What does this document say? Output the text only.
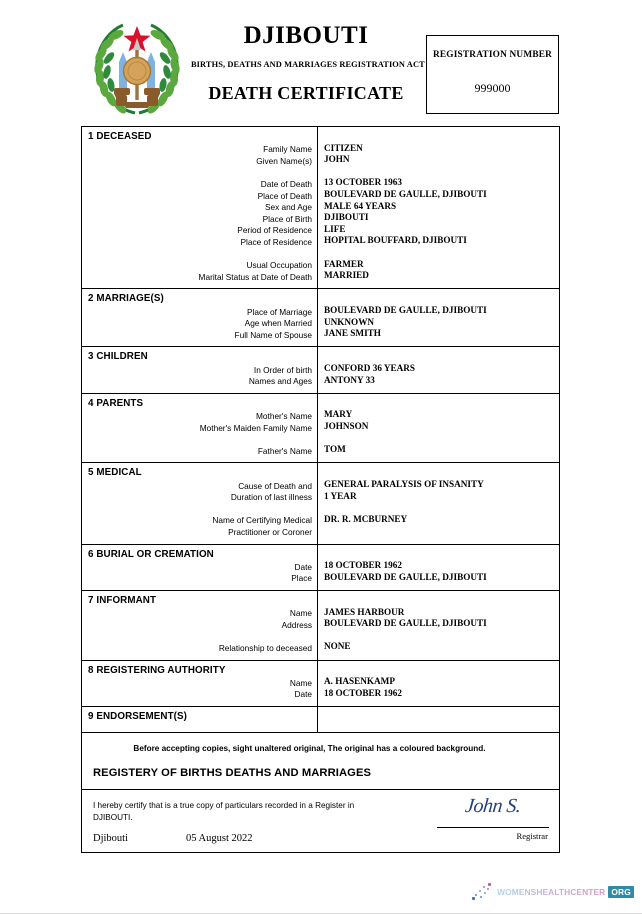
DJIBOUTI
BIRTHS, DEATHS AND MARRIAGES REGISTRATION ACT
DEATH CERTIFICATE
REGISTRATION NUMBER
999000
1 DECEASED
Family Name
Given Name(s)
Date of Death
Place of Death
Sex and Age
Place of Birth
Period of Residence
Place of Residence
Usual Occupation
Marital Status at Date of Death
CITIZEN
JOHN
13 OCTOBER 1963
BOULEVARD DE GAULLE, DJIBOUTI
MALE 64 YEARS
DJIBOUTI
LIFE
HOPITAL BOUFFARD, DJIBOUTI
FARMER
MARRIED
2 MARRIAGE(S)
Place of Marriage
Age when Married
Full Name of Spouse
BOULEVARD DE GAULLE, DJIBOUTI
UNKNOWN
JANE SMITH
3 CHILDREN
In Order of birth
Names and Ages
CONFORD 36 YEARS
ANTONY 33
4 PARENTS
Mother's Name
Mother's Maiden Family Name
Father's Name
MARY
JOHNSON
TOM
5 MEDICAL
Cause of Death and
Duration of last illness
Name of Certifying Medical
Practitioner or Coroner
GENERAL PARALYSIS OF INSANITY
1 YEAR
DR. R. MCBURNEY
6 BURIAL OR CREMATION
Date
Place
18 OCTOBER 1962
BOULEVARD DE GAULLE, DJIBOUTI
7 INFORMANT
Name
Address
Relationship to deceased
JAMES HARBOUR
BOULEVARD DE GAULLE, DJIBOUTI
NONE
8 REGISTERING AUTHORITY
Name
Date
A. HASENKAMP
18 OCTOBER 1962
9 ENDORSEMENT(S)
Before accepting copies, sight unaltered original, The original has a coloured background.
REGISTERY OF BIRTHS DEATHS AND MARRIAGES
I hereby certify that is a true copy of particulars recorded in a Register in DJIBOUTI.
Djibouti	05 August 2022
John S.
Registrar
WOMENSHEALTHCENTER ORG
